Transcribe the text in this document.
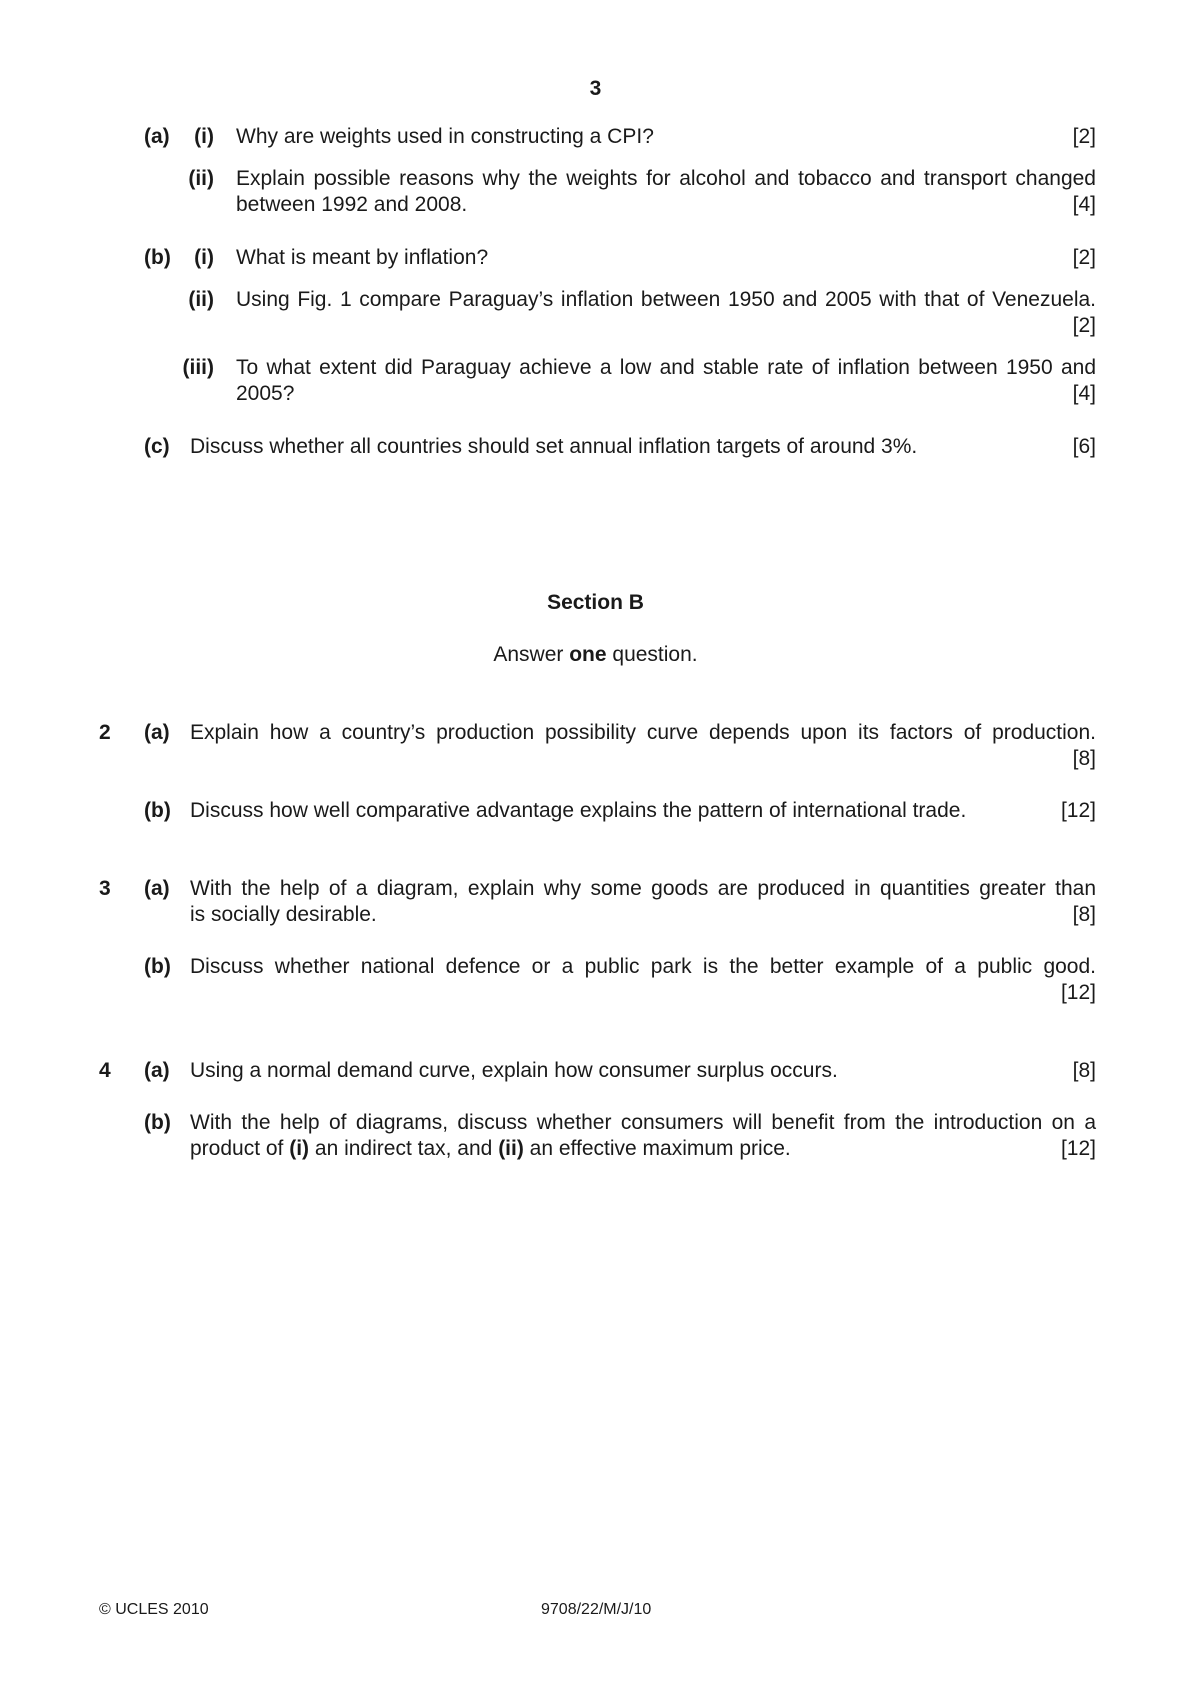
3
(a)	(i) Why are weights used in constructing a CPI?	[2]
(ii) Explain possible reasons why the weights for alcohol and tobacco and transport changed
between 1992 and 2008.	[4]
(b)	(i) What is meant by inflation?	[2]
(ii) Using Fig. 1 compare Paraguay’s inflation between 1950 and 2005 with that of Venezuela.
[2]
(iii) To what extent did Paraguay achieve a low and stable rate of inflation between 1950 and
2005?	[4]
(c) Discuss whether all countries should set annual inflation targets of around 3%.	[6]
Section B
Answer one question.
2 (a) Explain how a country’s production possibility curve depends upon its factors of production.
[8]
(b) Discuss how well comparative advantage explains the pattern of international trade.	[12]
3 (a) With the help of a diagram, explain why some goods are produced in quantities greater than
is socially desirable.	[8]
(b) Discuss whether national defence or a public park is the better example of a public good.
[12]
4 (a) Using a normal demand curve, explain how consumer surplus occurs.	[8]
(b) With the help of diagrams, discuss whether consumers will benefit from the introduction on a
product of (i) an indirect tax, and (ii) an effective maximum price.	[12]
© UCLES 2010	9708/22/M/J/10
